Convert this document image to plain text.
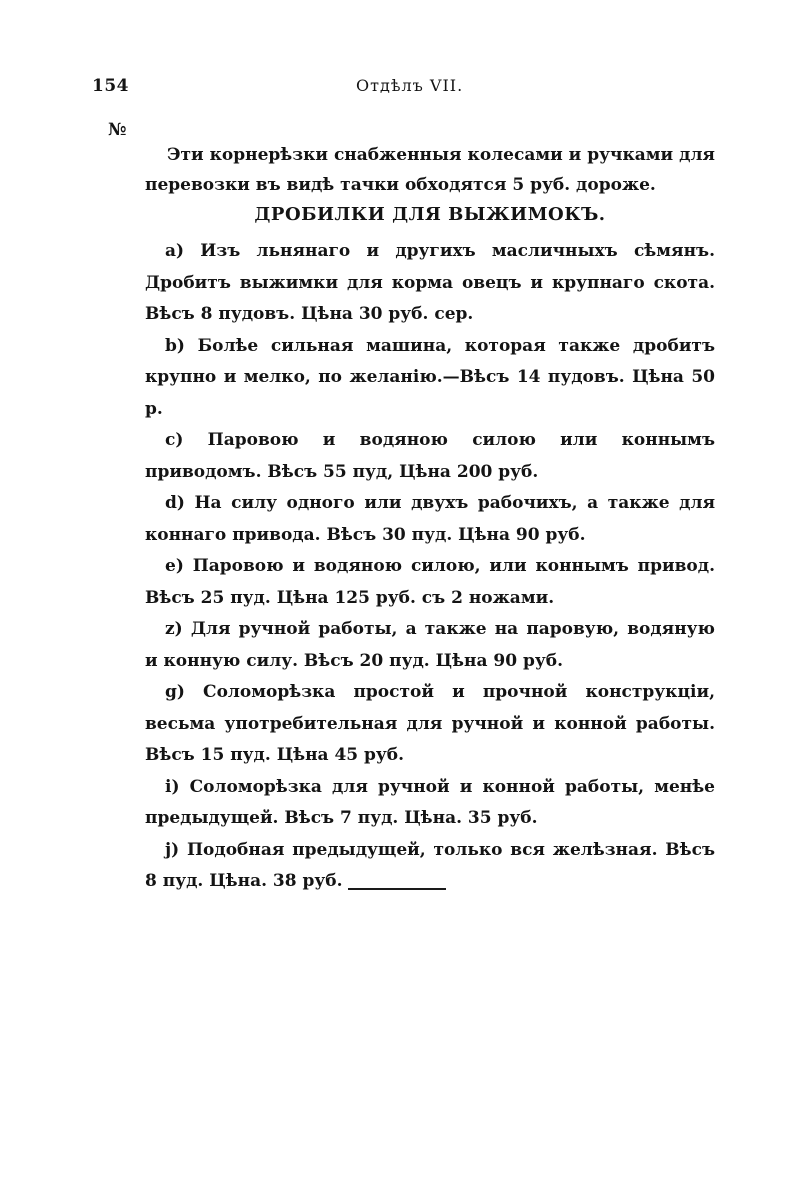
154	Отдѣлъ VII.
№

Эти корнерѣзки снабженныя колесами и ручками для перевозки въ видѣ тачки обходятся 5 руб. дороже.

ДРОБИЛКИ ДЛЯ ВЫЖИМОКЪ.
а) Изъ льнянаго и другихъ масличныхъ сѣмянъ. Дробитъ выжимки для корма овецъ и крупнаго скота. Вѣсъ 8 пудовъ. Цѣна 30 руб. сер.
b) Болѣе сильная машина, которая также дробитъ крупно и мелко, по желанію.—Вѣсъ 14 пудовъ. Цѣна 50 р.
с) Паровою и водяною силою или коннымъ приводомъ. Вѣсъ 55 пуд, Цѣна 200 руб.
d) На силу одного или двухъ рабочихъ, а также для коннаго привода. Вѣсъ 30 пуд. Цѣна 90 руб.
е) Паровою и водяною силою, или коннымъ привод. Вѣсъ 25 пуд. Цѣна 125 руб. съ 2 ножами.
z) Для ручной работы, а также на паровую, водяную и конную силу. Вѣсъ 20 пуд. Цѣна 90 руб.
g) Соломорѣзка простой и прочной конструкціи, весьма употребительная для ручной и конной работы. Вѣсъ 15 пуд. Цѣна 45 руб.
i) Соломорѣзка для ручной и конной работы, менѣе предыдущей. Вѣсъ 7 пуд. Цѣна. 35 руб.
j) Подобная предыдущей, только вся желѣзная. Вѣсъ 8 пуд. Цѣна. 38 руб.
